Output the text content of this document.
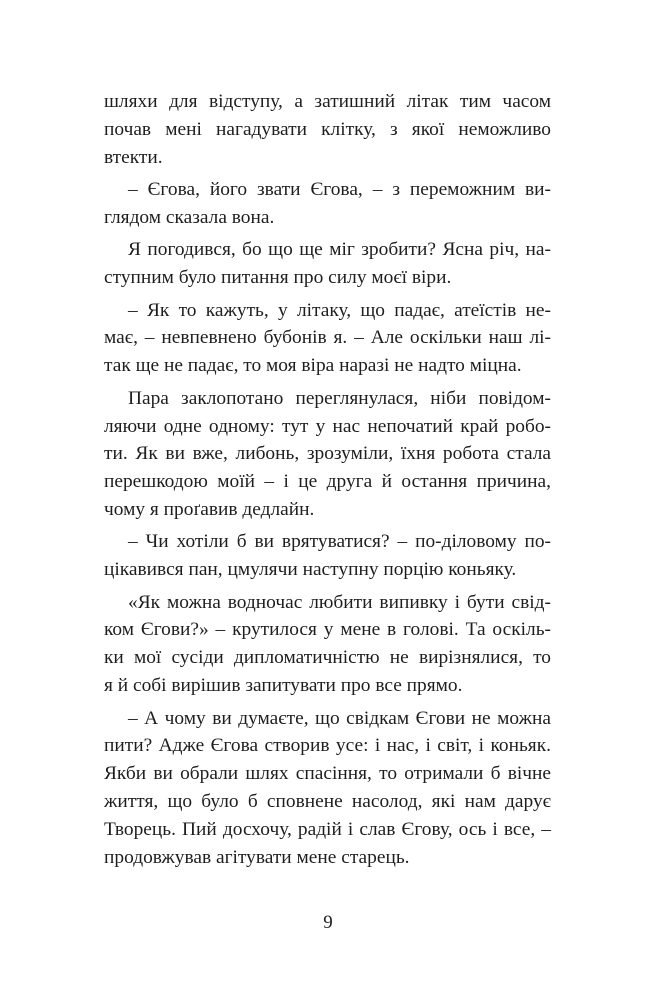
шляхи для відступу, а затишний літак тим часом
почав мені нагадувати клітку, з якої неможливо
втекти.
– Єгова, його звати Єгова, – з переможним ви-
глядом сказала вона.
Я погодився, бо що ще міг зробити? Ясна річ, на-
ступним було питання про силу моєї віри.
– Як то кажуть, у літаку, що падає, атеїстів не-
має, – невпевнено бубонів я. – Але оскільки наш лі-
так ще не падає, то моя віра наразі не надто міцна.
Пара заклопотано переглянулася, ніби повідом-
ляючи одне одному: тут у нас непочатий край робо-
ти. Як ви вже, либонь, зрозуміли, їхня робота стала
перешкодою моїй – і це друга й остання причина,
чому я проґавив дедлайн.
– Чи хотіли б ви врятуватися? – по-діловому по-
цікавився пан, цмулячи наступну порцію коньяку.
«Як можна водночас любити випивку і бути свід-
ком Єгови?» – крутилося у мене в голові. Та оскіль-
ки мої сусіди дипломатичністю не вирізнялися, то
я й собі вирішив запитувати про все прямо.
– А чому ви думаєте, що свідкам Єгови не можна
пити? Адже Єгова створив усе: і нас, і світ, і коньяк.
Якби ви обрали шлях спасіння, то отримали б вічне
життя, що було б сповнене насолод, які нам дарує
Творець. Пий досхочу, радій і слав Єгову, ось і все, –
продовжував агітувати мене старець.
9
